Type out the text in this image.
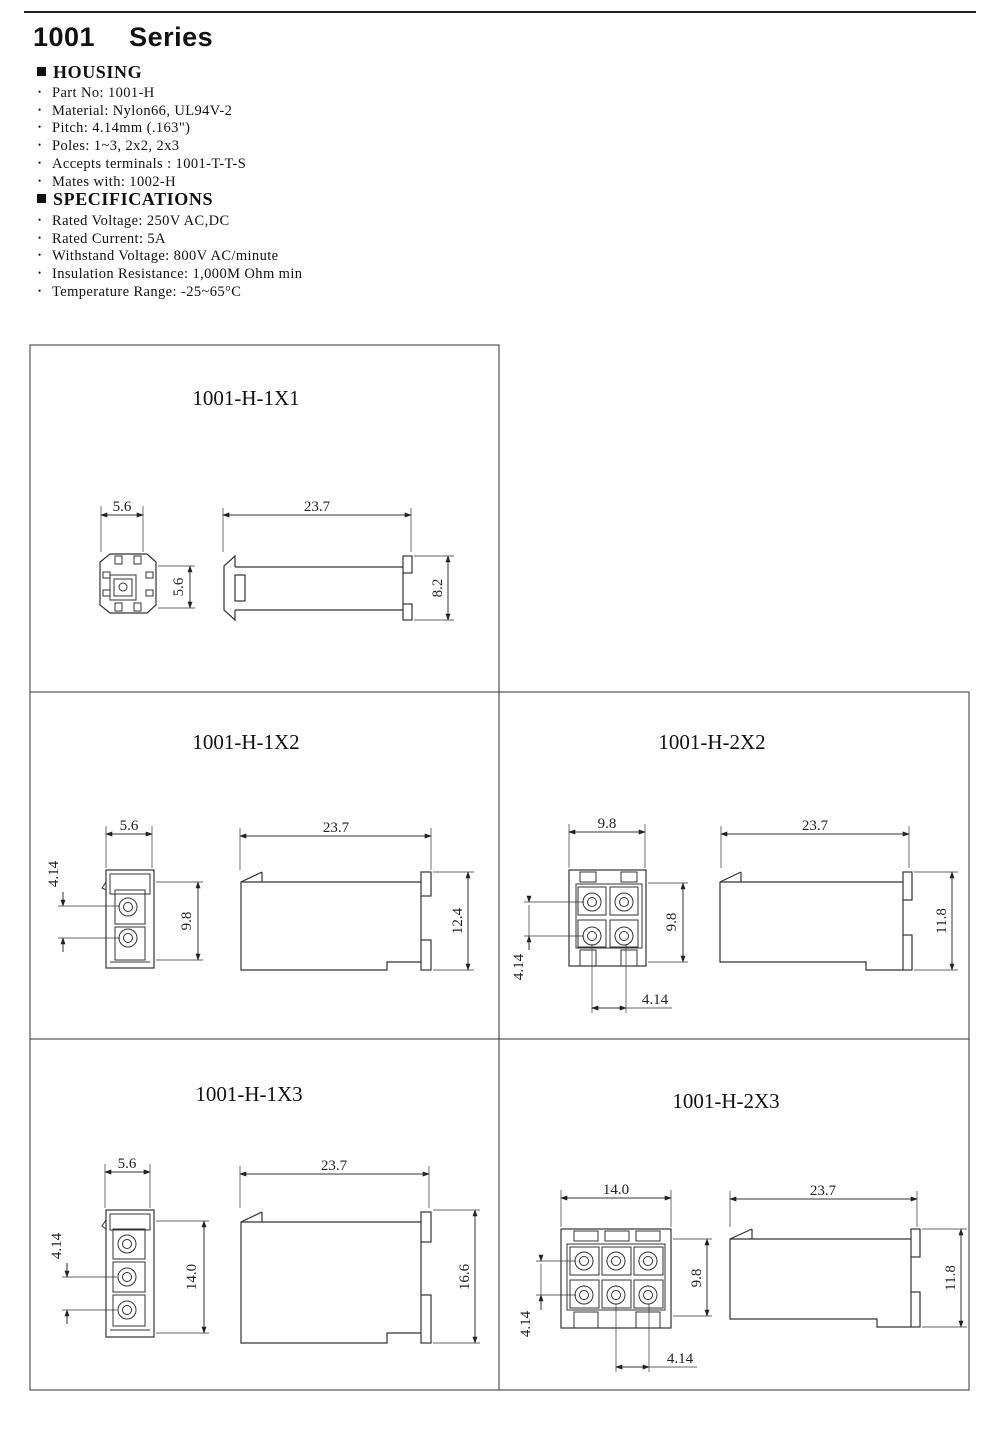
1001 Series
HOUSING
• Part No: 1001-H
• Material: Nylon66, UL94V-2
• Pitch: 4.14mm (.163")
• Poles: 1~3, 2x2, 2x3
• Accepts terminals : 1001-T-T-S
• Mates with: 1002-H
SPECIFICATIONS
• Rated Voltage: 250V AC,DC
• Rated Current: 5A
• Withstand Voltage: 800V AC/minute
• Insulation Resistance: 1,000M Ohm min
• Temperature Range: -25~65°C
1001-H-1X1
5.6
5.6
23.7
8.2
1001-H-1X2
5.6
4.14
9.8
23.7
12.4
1001-H-2X2
9.8
9.8
4.14
4.14
23.7
11.8
1001-H-1X3
5.6
4.14
14.0
23.7
16.6
1001-H-2X3
14.0
9.8
4.14
4.14
23.7
11.8
